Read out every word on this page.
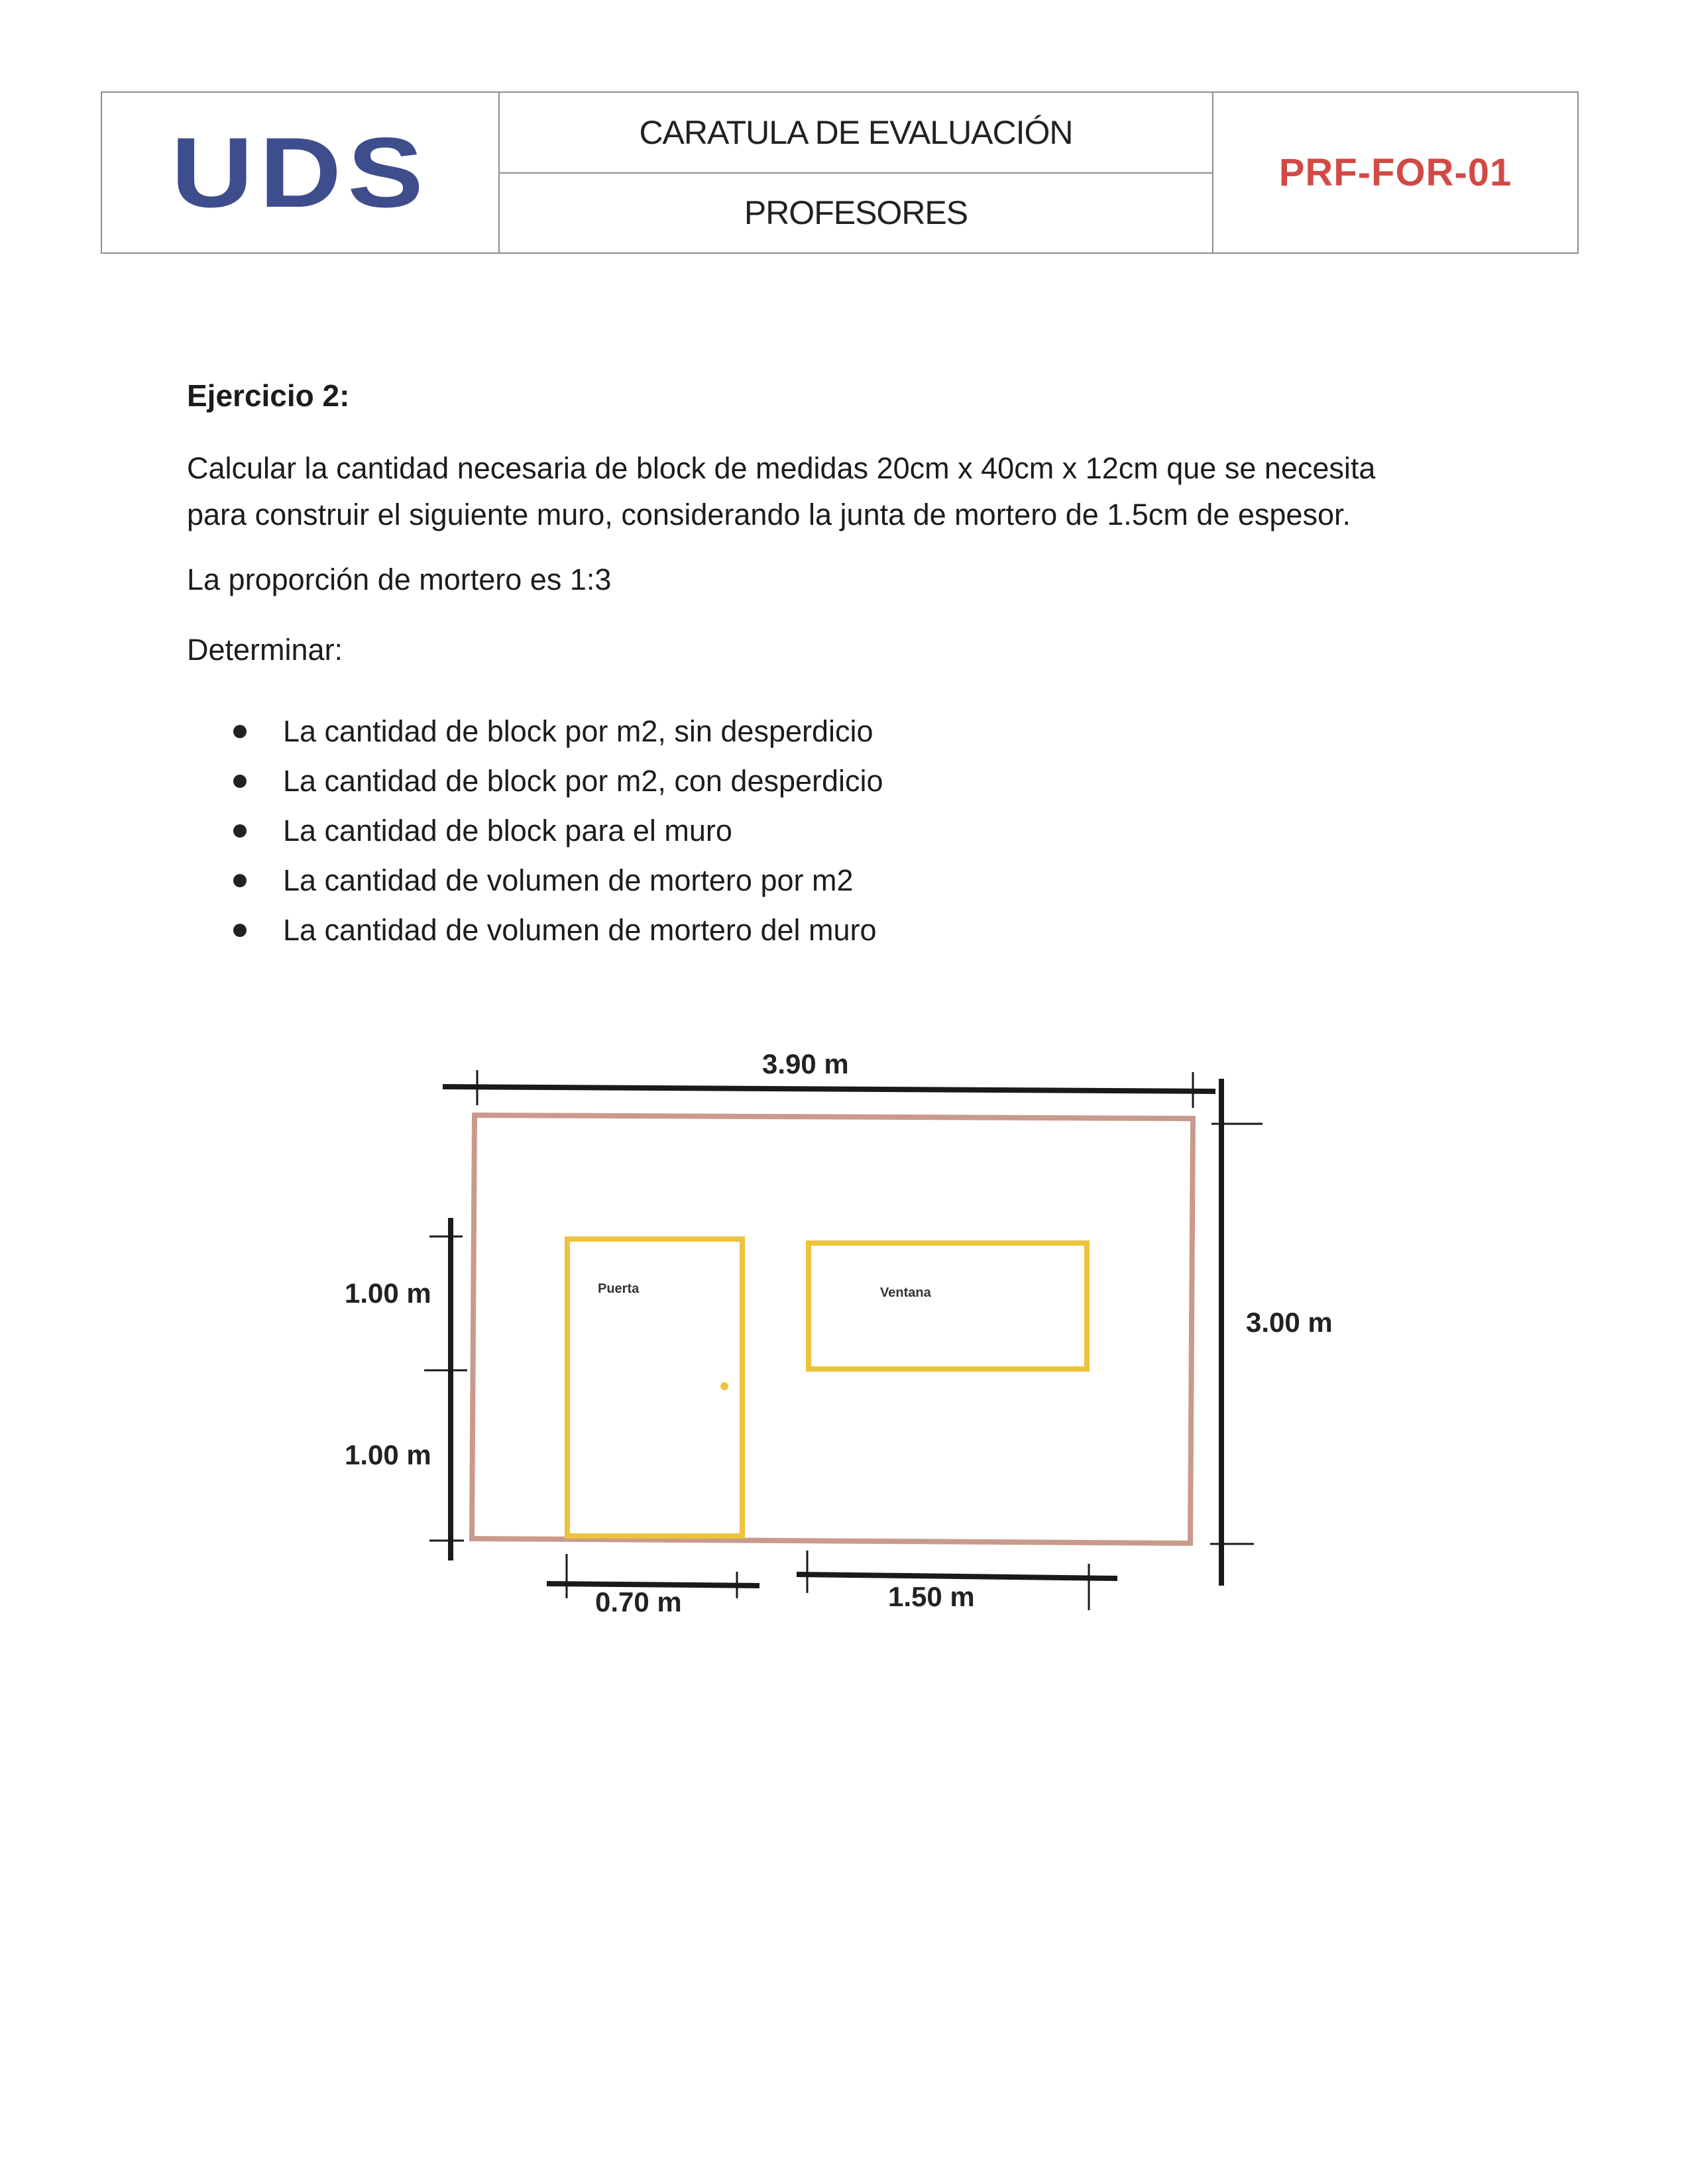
UDS	CARATULA DE EVALUACIÓN
PROFESORES
PRF-FOR-01

Ejercicio 2:

Calcular la cantidad necesaria de block de medidas 20cm x 40cm x 12cm que se necesita
para construir el siguiente muro, considerando la junta de mortero de 1.5cm de espesor.

La proporción de mortero es 1:3

Determinar:

La cantidad de block por m2, sin desperdicio
La cantidad de block por m2, con desperdicio
La cantidad de block para el muro
La cantidad de volumen de mortero por m2
La cantidad de volumen de mortero del muro
Puerta	Ventana
3.90 m
3.00 m
1.00 m
1.00 m
0.70 m	1.50 m
